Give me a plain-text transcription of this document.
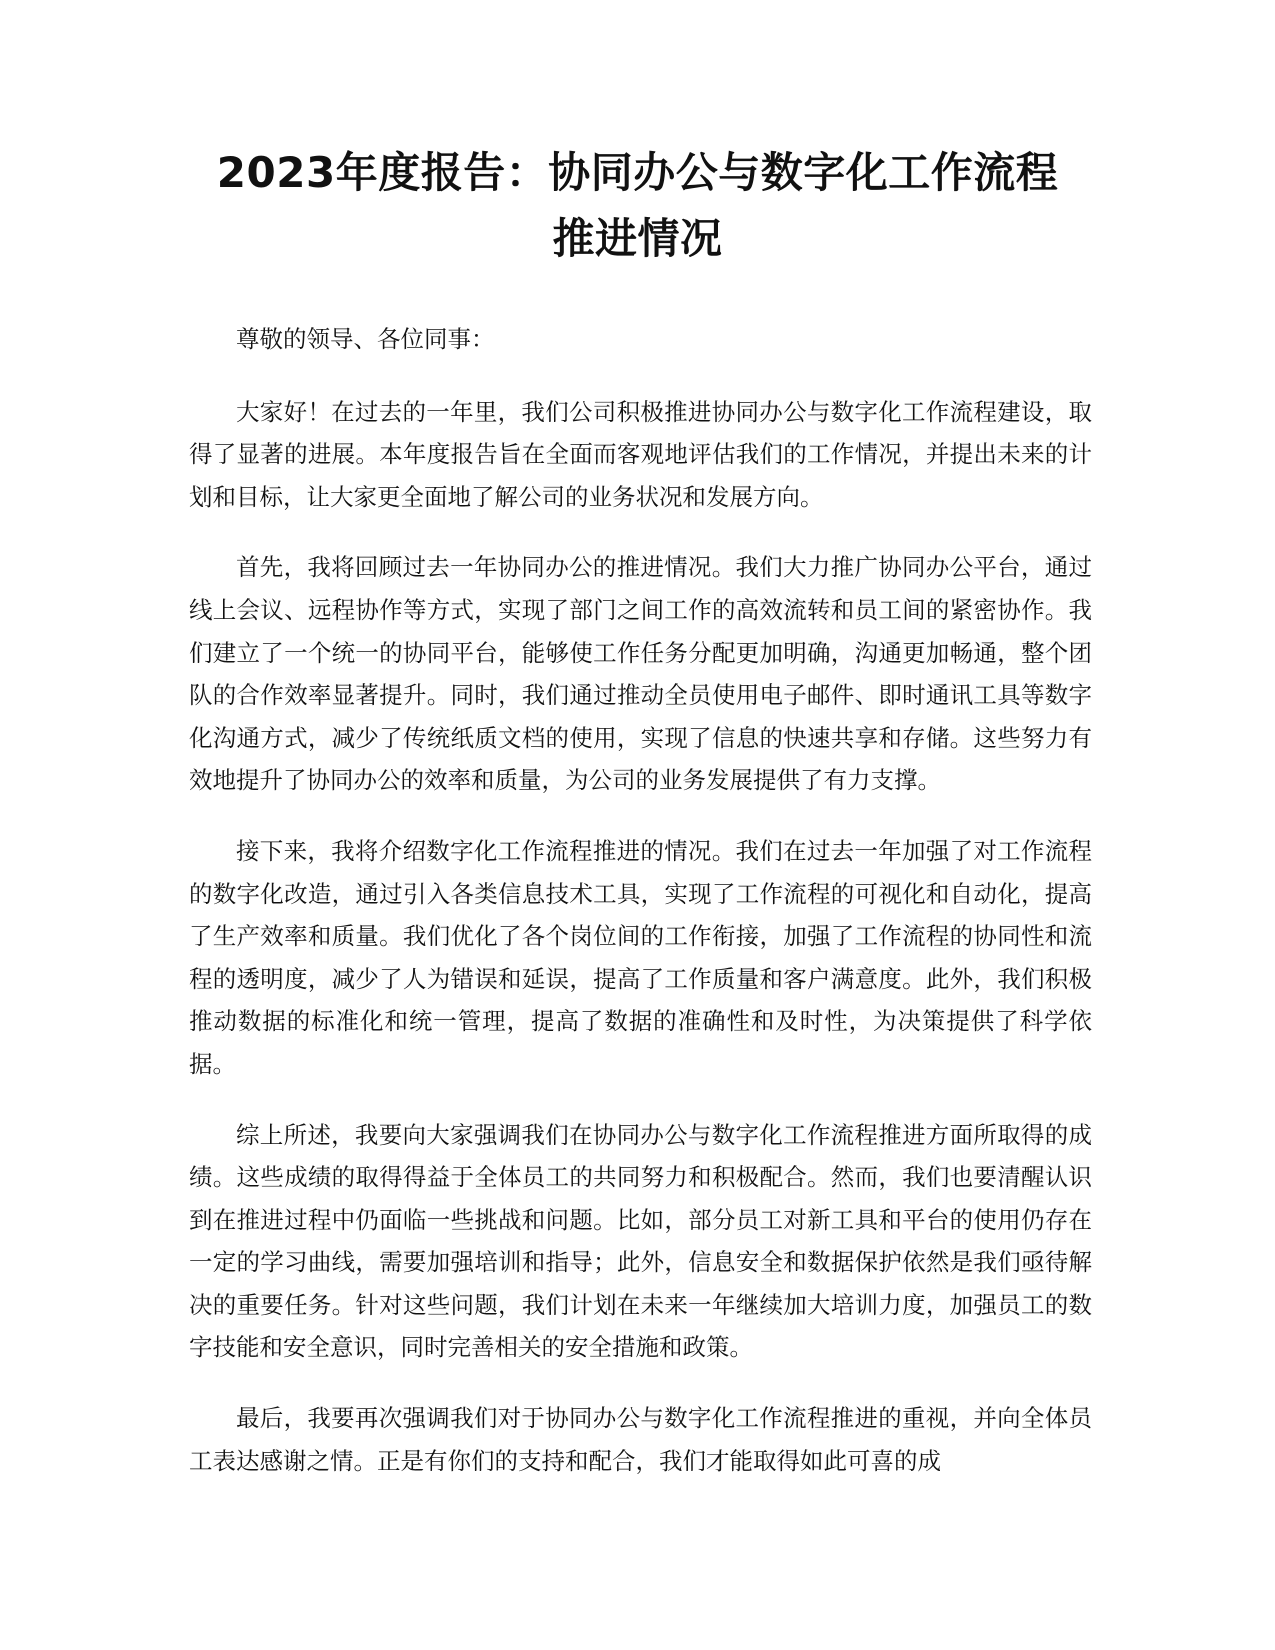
2023年度报告：协同办公与数字化工作流程
推进情况

尊敬的领导、各位同事：

大家好！在过去的一年里，我们公司积极推进协同办公与数字化工作流程建设，取得了显著的进展。本年度报告旨在全面而客观地评估我们的工作情况，并提出未来的计划和目标，让大家更全面地了解公司的业务状况和发展方向。

首先，我将回顾过去一年协同办公的推进情况。我们大力推广协同办公平台，通过线上会议、远程协作等方式，实现了部门之间工作的高效流转和员工间的紧密协作。我们建立了一个统一的协同平台，能够使工作任务分配更加明确，沟通更加畅通，整个团队的合作效率显著提升。同时，我们通过推动全员使用电子邮件、即时通讯工具等数字化沟通方式，减少了传统纸质文档的使用，实现了信息的快速共享和存储。这些努力有效地提升了协同办公的效率和质量，为公司的业务发展提供了有力支撑。

接下来，我将介绍数字化工作流程推进的情况。我们在过去一年加强了对工作流程的数字化改造，通过引入各类信息技术工具，实现了工作流程的可视化和自动化，提高了生产效率和质量。我们优化了各个岗位间的工作衔接，加强了工作流程的协同性和流程的透明度，减少了人为错误和延误，提高了工作质量和客户满意度。此外，我们积极推动数据的标准化和统一管理，提高了数据的准确性和及时性，为决策提供了科学依据。

综上所述，我要向大家强调我们在协同办公与数字化工作流程推进方面所取得的成绩。这些成绩的取得得益于全体员工的共同努力和积极配合。然而，我们也要清醒认识到在推进过程中仍面临一些挑战和问题。比如，部分员工对新工具和平台的使用仍存在一定的学习曲线，需要加强培训和指导；此外，信息安全和数据保护依然是我们亟待解决的重要任务。针对这些问题，我们计划在未来一年继续加大培训力度，加强员工的数字技能和安全意识，同时完善相关的安全措施和政策。

最后，我要再次强调我们对于协同办公与数字化工作流程推进的重视，并向全体员工表达感谢之情。正是有你们的支持和配合，我们才能取得如此可喜的成
